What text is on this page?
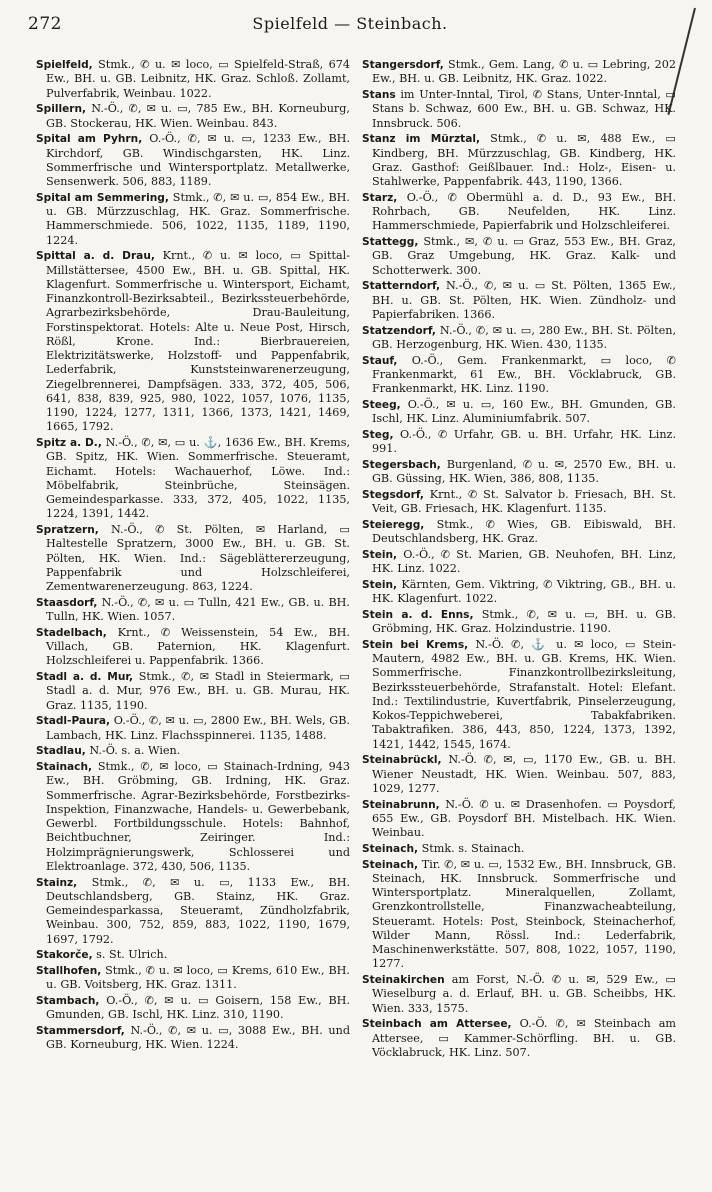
272	Spielfeld — Steinbach.

Spielfeld, Stmk., ✆ u. ✉ loco, ▭ Spielfeld-Straß, 674 Ew., BH. u. GB. Leibnitz, HK. Graz. Schloß. Zollamt, Pulverfabrik, Weinbau. 1022.

Spillern, N.-Ö., ✆, ✉ u. ▭, 785 Ew., BH. Korneuburg, GB. Stockerau, HK. Wien. Weinbau. 843.

Spital am Pyhrn, O.-Ö., ✆, ✉ u. ▭, 1233 Ew., BH. Kirchdorf, GB. Windischgarsten, HK. Linz. Sommerfrische und Wintersportplatz. Metallwerke, Sensenwerk. 506, 883, 1189.

Spital am Semmering, Stmk., ✆, ✉ u. ▭, 854 Ew., BH. u. GB. Mürzzuschlag, HK. Graz. Sommerfrische. Hammerschmiede. 506, 1022, 1135, 1189, 1190, 1224.

Spittal a. d. Drau, Krnt., ✆ u. ✉ loco, ▭ Spittal-Millstättersee, 4500 Ew., BH. u. GB. Spittal, HK. Klagenfurt. Sommerfrische u. Wintersport, Eichamt, Finanzkontroll-Bezirksabteil., Bezirkssteuerbehörde, Agrarbezirksbehörde, Drau-Bauleitung, Forstinspektorat. Hotels: Alte u. Neue Post, Hirsch, Rößl, Krone. Ind.: Bierbrauereien, Elektrizitätswerke, Holzstoff- und Pappenfabrik, Lederfabrik, Kunststeinwarenerzeugung, Ziegelbrennerei, Dampfsägen. 333, 372, 405, 506, 641, 838, 839, 925, 980, 1022, 1057, 1076, 1135, 1190, 1224, 1277, 1311, 1366, 1373, 1421, 1469, 1665, 1792.

Spitz a. D., N.-Ö., ✆, ✉, ▭ u. ⚓, 1636 Ew., BH. Krems, GB. Spitz, HK. Wien. Sommerfrische. Steueramt, Eichamt. Hotels: Wachauerhof, Löwe. Ind.: Möbelfabrik, Steinbrüche, Steinsägen. Gemeindesparkasse. 333, 372, 405, 1022, 1135, 1224, 1391, 1442.

Spratzern, N.-Ö., ✆ St. Pölten, ✉ Harland, ▭ Haltestelle Spratzern, 3000 Ew., BH. u. GB. St. Pölten, HK. Wien. Ind.: Sägeblättererzeugung, Pappenfabrik und Holzschleiferei, Zementwarenerzeugung. 863, 1224.

Staasdorf, N.-Ö., ✆, ✉ u. ▭ Tulln, 421 Ew., GB. u. BH. Tulln, HK. Wien. 1057.

Stadelbach, Krnt., ✆ Weissenstein, 54 Ew., BH. Villach, GB. Paternion, HK. Klagenfurt. Holzschleiferei u. Pappenfabrik. 1366.

Stadl a. d. Mur, Stmk., ✆, ✉ Stadl in Steiermark, ▭ Stadl a. d. Mur, 976 Ew., BH. u. GB. Murau, HK. Graz. 1135, 1190.

Stadl-Paura, O.-Ö., ✆, ✉ u. ▭, 2800 Ew., BH. Wels, GB. Lambach, HK. Linz. Flachsspinnerei. 1135, 1488.

Stadlau, N.-Ö. s. a. Wien.

Stainach, Stmk., ✆, ✉ loco, ▭ Stainach-Irdning, 943 Ew., BH. Gröbming, GB. Irdning, HK. Graz. Sommerfrische. Agrar-Bezirksbehörde, Forstbezirks-Inspektion, Finanzwache, Handels- u. Gewerbebank, Gewerbl. Fortbildungsschule. Hotels: Bahnhof, Beichtbuchner, Zeiringer. Ind.: Holzimprägnierungswerk, Schlosserei und Elektroanlage. 372, 430, 506, 1135.

Stainz, Stmk., ✆, ✉ u. ▭, 1133 Ew., BH. Deutschlandsberg, GB. Stainz, HK. Graz. Gemeindesparkassa, Steueramt, Zündholzfabrik, Weinbau. 300, 752, 859, 883, 1022, 1190, 1679, 1697, 1792.

Stakorče, s. St. Ulrich.

Stallhofen, Stmk., ✆ u. ✉ loco, ▭ Krems, 610 Ew., BH. u. GB. Voitsberg, HK. Graz. 1311.

Stambach, O.-Ö., ✆, ✉ u. ▭ Goisern, 158 Ew., BH. Gmunden, GB. Ischl, HK. Linz. 310, 1190.

Stammersdorf, N.-Ö., ✆, ✉ u. ▭, 3088 Ew., BH. und GB. Korneuburg, HK. Wien. 1224.

Stangersdorf, Stmk., Gem. Lang, ✆ u. ▭ Lebring, 202 Ew., BH. u. GB. Leibnitz, HK. Graz. 1022.

Stans im Unter-Inntal, Tirol, ✆ Stans, Unter-Inntal, ▭ Stans b. Schwaz, 600 Ew., BH. u. GB. Schwaz, HK. Innsbruck. 506.

Stanz im Mürztal, Stmk., ✆ u. ✉, 488 Ew., ▭ Kindberg, BH. Mürzzuschlag, GB. Kindberg, HK. Graz. Gasthof: Geißlbauer. Ind.: Holz-, Eisen- u. Stahlwerke, Pappenfabrik. 443, 1190, 1366.

Starz, O.-Ö., ✆ Obermühl a. d. D., 93 Ew., BH. Rohrbach, GB. Neufelden, HK. Linz. Hammerschmiede, Papierfabrik und Holzschleiferei.

Stattegg, Stmk., ✉, ✆ u. ▭ Graz, 553 Ew., BH. Graz, GB. Graz Umgebung, HK. Graz. Kalk- und Schotterwerk. 300.

Statterndorf, N.-Ö., ✆, ✉ u. ▭ St. Pölten, 1365 Ew., BH. u. GB. St. Pölten, HK. Wien. Zündholz- und Papierfabriken. 1366.

Statzendorf, N.-Ö., ✆, ✉ u. ▭, 280 Ew., BH. St. Pölten, GB. Herzogenburg, HK. Wien. 430, 1135.

Stauf, O.-Ö., Gem. Frankenmarkt, ▭ loco, ✆ Frankenmarkt, 61 Ew., BH. Vöcklabruck, GB. Frankenmarkt, HK. Linz. 1190.

Steeg, O.-Ö., ✉ u. ▭, 160 Ew., BH. Gmunden, GB. Ischl, HK. Linz. Aluminiumfabrik. 507.

Steg, O.-Ö., ✆ Urfahr, GB. u. BH. Urfahr, HK. Linz. 991.

Stegersbach, Burgenland, ✆ u. ✉, 2570 Ew., BH. u. GB. Güssing, HK. Wien, 386, 808, 1135.

Stegsdorf, Krnt., ✆ St. Salvator b. Friesach, BH. St. Veit, GB. Friesach, HK. Klagenfurt. 1135.

Steieregg, Stmk., ✆ Wies, GB. Eibiswald, BH. Deutschlandsberg, HK. Graz.

Stein, O.-Ö., ✆ St. Marien, GB. Neuhofen, BH. Linz, HK. Linz. 1022.

Stein, Kärnten, Gem. Viktring, ✆ Viktring, GB., BH. u. HK. Klagenfurt. 1022.

Stein a. d. Enns, Stmk., ✆, ✉ u. ▭, BH. u. GB. Gröbming, HK. Graz. Holzindustrie. 1190.

Stein bei Krems, N.-Ö. ✆, ⚓ u. ✉ loco, ▭ Stein-Mautern, 4982 Ew., BH. u. GB. Krems, HK. Wien. Sommerfrische. Finanzkontrollbezirksleitung, Bezirkssteuerbehörde, Strafanstalt. Hotel: Elefant. Ind.: Textilindustrie, Kuvertfabrik, Pinselerzeugung, Kokos-Teppichweberei, Tabakfabriken. Tabaktrafiken. 386, 443, 850, 1224, 1373, 1392, 1421, 1442, 1545, 1674.

Steinabrückl, N.-Ö. ✆, ✉, ▭, 1170 Ew., GB. u. BH. Wiener Neustadt, HK. Wien. Weinbau. 507, 883, 1029, 1277.

Steinabrunn, N.-Ö. ✆ u. ✉ Drasenhofen. ▭ Poysdorf, 655 Ew., GB. Poysdorf BH. Mistelbach. HK. Wien. Weinbau.

Steinach, Stmk. s. Stainach.

Steinach, Tir. ✆, ✉ u. ▭, 1532 Ew., BH. Innsbruck, GB. Steinach, HK. Innsbruck. Sommerfrische und Wintersportplatz. Mineralquellen, Zollamt, Grenzkontrollstelle, Finanzwacheabteilung, Steueramt. Hotels: Post, Steinbock, Steinacherhof, Wilder Mann, Rössl. Ind.: Lederfabrik, Maschinenwerkstätte. 507, 808, 1022, 1057, 1190, 1277.

Steinakirchen am Forst, N.-Ö. ✆ u. ✉, 529 Ew., ▭ Wieselburg a. d. Erlauf, BH. u. GB. Scheibbs, HK. Wien. 333, 1575.

Steinbach am Attersee, O.-Ö. ✆, ✉ Steinbach am Attersee, ▭ Kammer-Schörfling. BH. u. GB. Vöcklabruck, HK. Linz. 507.
